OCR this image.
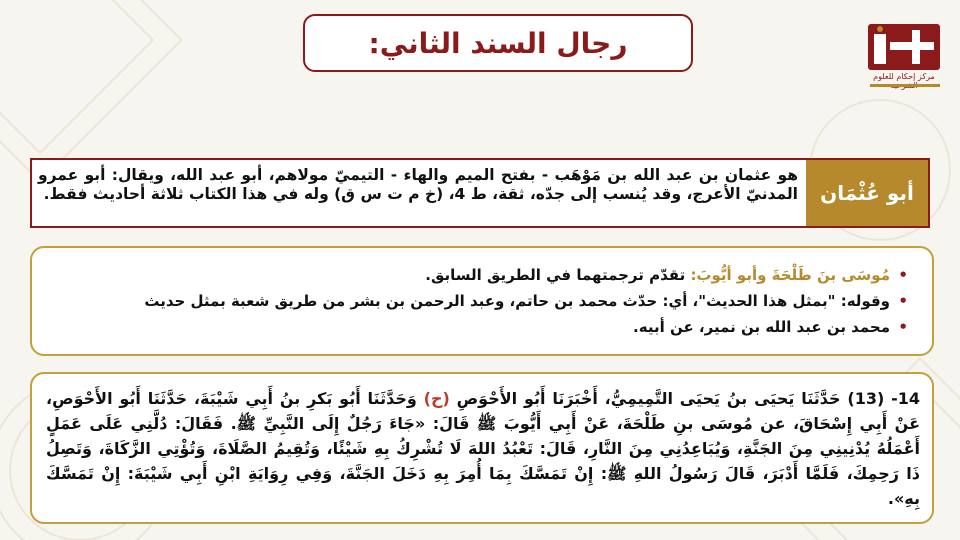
رجال السند الثاني:
مركز إحكام للعلوم
أبو عُثْمَان
هو عثمان بن عبد الله بن مَوْهَب - بفتح الميم والهاء - التيميّ مولاهم، أبو عبد الله، ويقال: أبو عمرو المدنيّ الأعرج، وقد يُنسب إلى جدّه، ثقة، ط 4، (خ م ت س ق) وله في هذا الكتاب ثلاثة أحاديث فقط.
• مُوسَى بنَ طَلْحَةَ وأبو أيُّوبَ: تقدّم ترجمتهما في الطريق السابق.
• وقوله: "بمثل هذا الحديث"، أي: حدّث محمد بن حاتم، وعبد الرحمن بن بشر من طريق شعبة بمثل حديث
• محمد بن عبد الله بن نمير، عن أبيه.
14- (13) حَدَّثَنَا يَحيَى بنُ يَحيَى التَّمِيمِيُّ، أَخْبَرَنَا أَبُو الأَحْوَصِ (ح) وَحَدَّثَنَا أَبُو بَكرِ بنُ أَبِي شَيْبَةَ، حَدَّثَنَا أَبُو الأَحْوَصِ، عَنْ أَبِي إِسْحَاقَ، عن مُوسَى بنِ طَلْحَةَ، عَنْ أَبِي أَيُّوبَ ﷺ قَالَ: «جَاءَ رَجُلٌ إِلَى النَّبِيِّ ﷺ. فَقَالَ: دُلَّنِي عَلَى عَمَلٍ أَعْمَلُهُ يُدْنِينِي مِنَ الجَنَّةِ، وَيُبَاعِدُنِي مِنَ النَّارِ، قَالَ: تَعْبُدُ اللهَ لَا تُشْرِكُ بِهِ شَيْئًا، وَتُقِيمُ الصَّلَاةَ، وَتُؤْتِي الزَّكَاةَ، وَتَصِلُ ذَا رَحِمِكَ، فَلَمَّا أَدْبَرَ، قَالَ رَسُولُ اللهِ ﷺ: إِنْ تَمَسَّكَ بِمَا أُمِرَ بِهِ دَخَلَ الجَنَّةَ، وَفِي رِوَايَةِ ابْنِ أَبِي شَيْبَةَ: إِنْ تَمَسَّكَ بِهِ».
